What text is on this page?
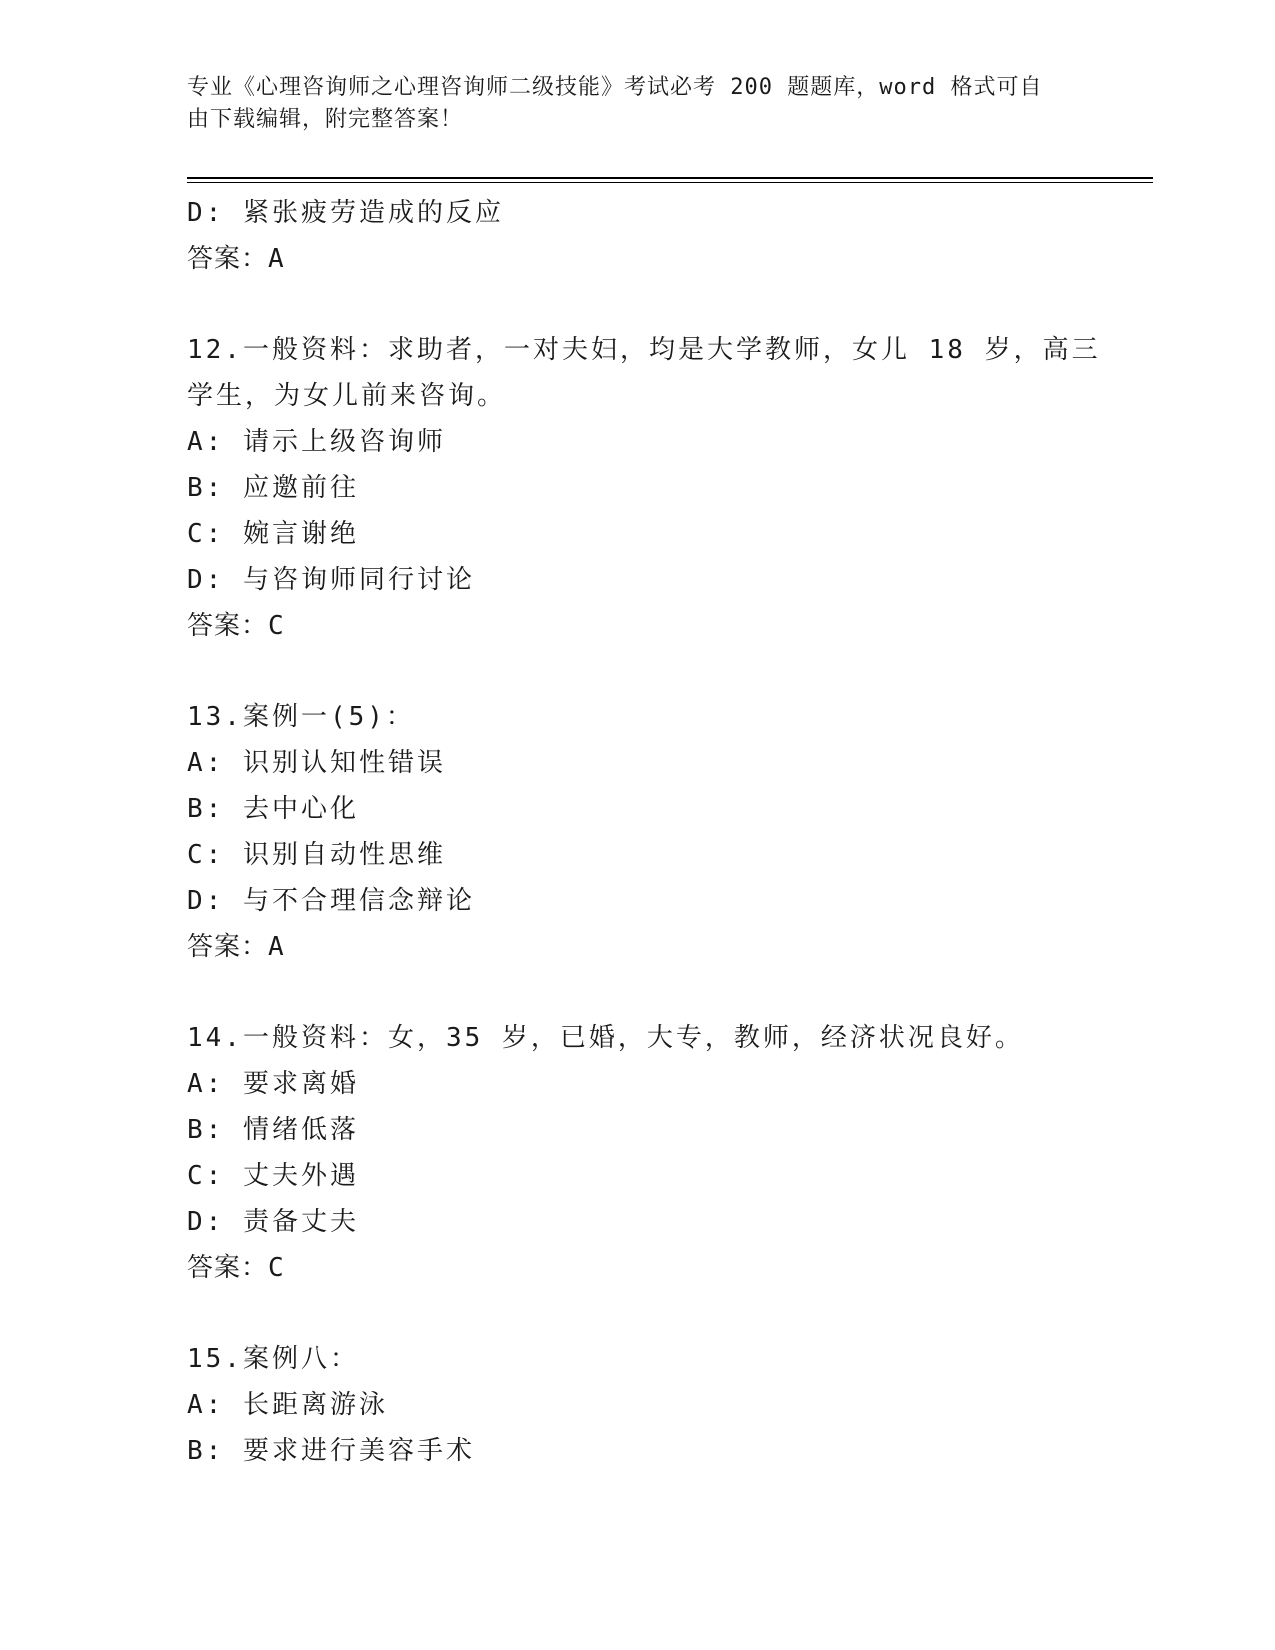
专业《心理咨询师之心理咨询师二级技能》考试必考 200 题题库，word 格式可自
由下载编辑，附完整答案！
D: 紧张疲劳造成的反应
答案：A
12.一般资料：求助者，一对夫妇，均是大学教师，女儿 18 岁，高三
学生，为女儿前来咨询。
A: 请示上级咨询师
B: 应邀前往
C: 婉言谢绝
D: 与咨询师同行讨论
答案：C
13.案例一(5)：
A: 识别认知性错误
B: 去中心化
C: 识别自动性思维
D: 与不合理信念辩论
答案：A
14.一般资料：女，35 岁，已婚，大专，教师，经济状况良好。
A: 要求离婚
B: 情绪低落
C: 丈夫外遇
D: 责备丈夫
答案：C
15.案例八：
A: 长距离游泳
B: 要求进行美容手术
